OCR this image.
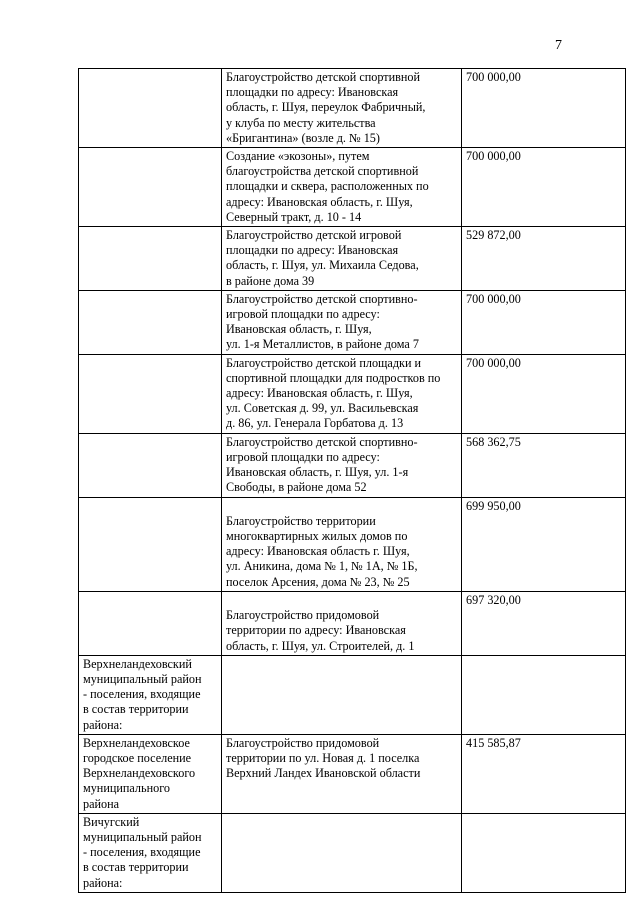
7

	Благоустройство детской спортивной
площадки по адресу: Ивановская
область, г. Шуя, переулок Фабричный,
у клуба по месту жительства
«Бригантина» (возле д. № 15)	700 000,00

	Создание «экозоны», путем
благоустройства детской спортивной
площадки и сквера, расположенных по
адресу: Ивановская область, г. Шуя,
Северный тракт, д. 10 - 14	700 000,00

	Благоустройство детской игровой
площадки по адресу: Ивановская
область, г. Шуя, ул. Михаила Седова,
в районе дома 39	529 872,00

	Благоустройство детской спортивно-
игровой площадки по адресу:
Ивановская область, г. Шуя,
ул. 1-я Металлистов, в районе дома 7	700 000,00

	Благоустройство детской площадки и
спортивной площадки для подростков по
адресу: Ивановская область, г. Шуя,
ул. Советская д. 99, ул. Васильевская
д. 86, ул. Генерала Горбатова д. 13	700 000,00

	Благоустройство детской спортивно-
игровой площадки по адресу:
Ивановская область, г. Шуя, ул. 1-я
Свободы, в районе дома 52	568 362,75

	Благоустройство территории
многоквартирных жилых домов по
адресу: Ивановская область г. Шуя,
ул. Аникина, дома № 1, № 1А, № 1Б,
поселок Арсения, дома № 23, № 25	699 950,00

	Благоустройство придомовой
территории по адресу: Ивановская
область, г. Шуя, ул. Строителей, д. 1	697 320,00

Верхнеландеховский
муниципальный район
- поселения, входящие
в состав территории
района:		

Верхнеландеховское
городское поселение
Верхнеландеховского
муниципального
района	Благоустройство придомовой
территории по ул. Новая д. 1 поселка
Верхний Ландех Ивановской области	415 585,87

Вичугский
муниципальный район
- поселения, входящие
в состав территории
района:		
